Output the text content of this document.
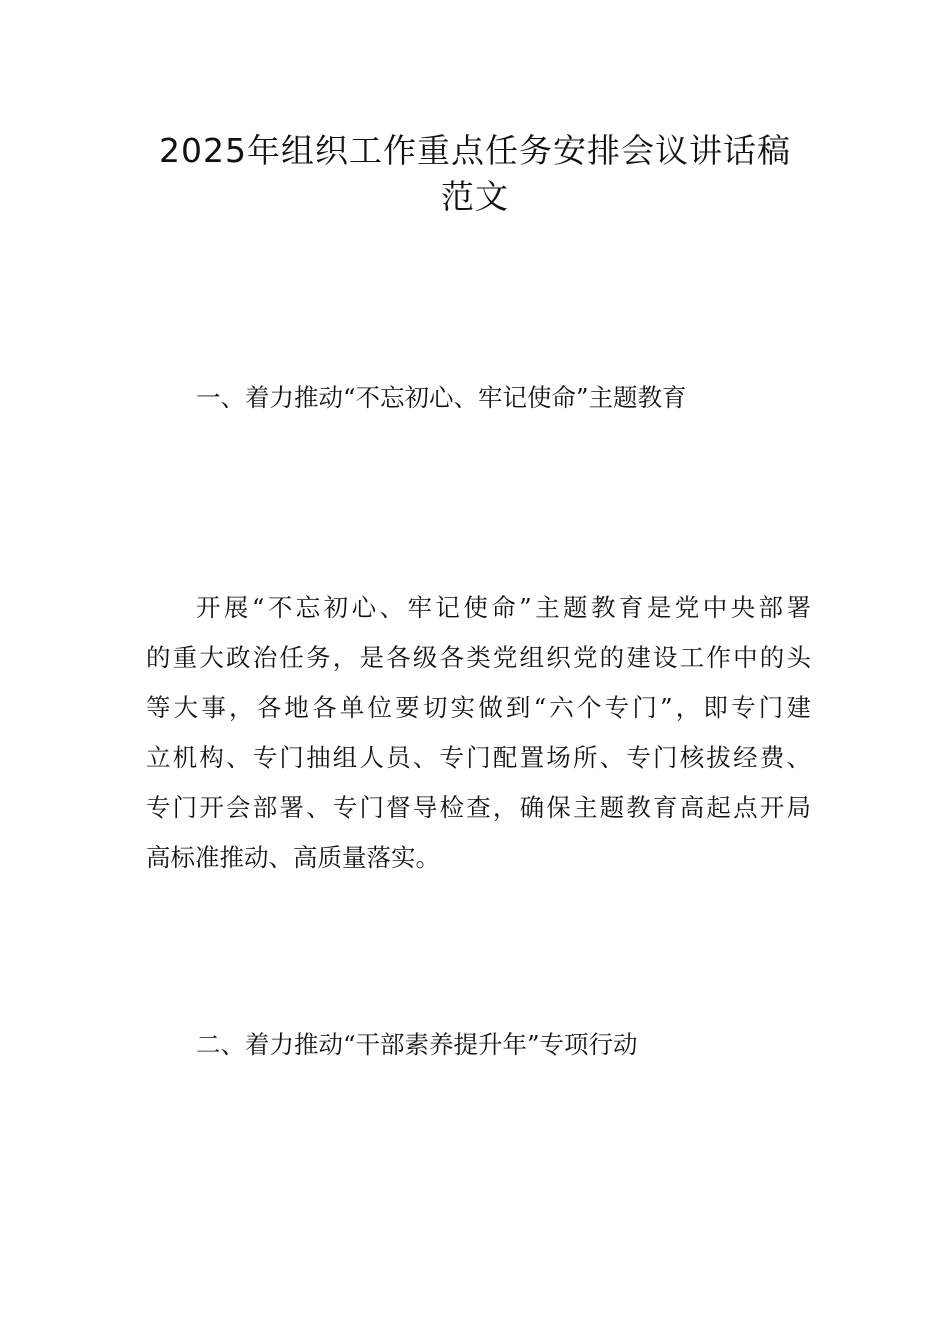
2025年组织工作重点任务安排会议讲话稿
范文
一、着力推动“不忘初心、牢记使命”主题教育
开展“不忘初心、牢记使命”主题教育是党中央部署
的重大政治任务，是各级各类党组织党的建设工作中的头
等大事，各地各单位要切实做到“六个专门”，即专门建
立机构、专门抽组人员、专门配置场所、专门核拔经费、
专门开会部署、专门督导检查，确保主题教育高起点开局
高标准推动、高质量落实。
二、着力推动“干部素养提升年”专项行动
